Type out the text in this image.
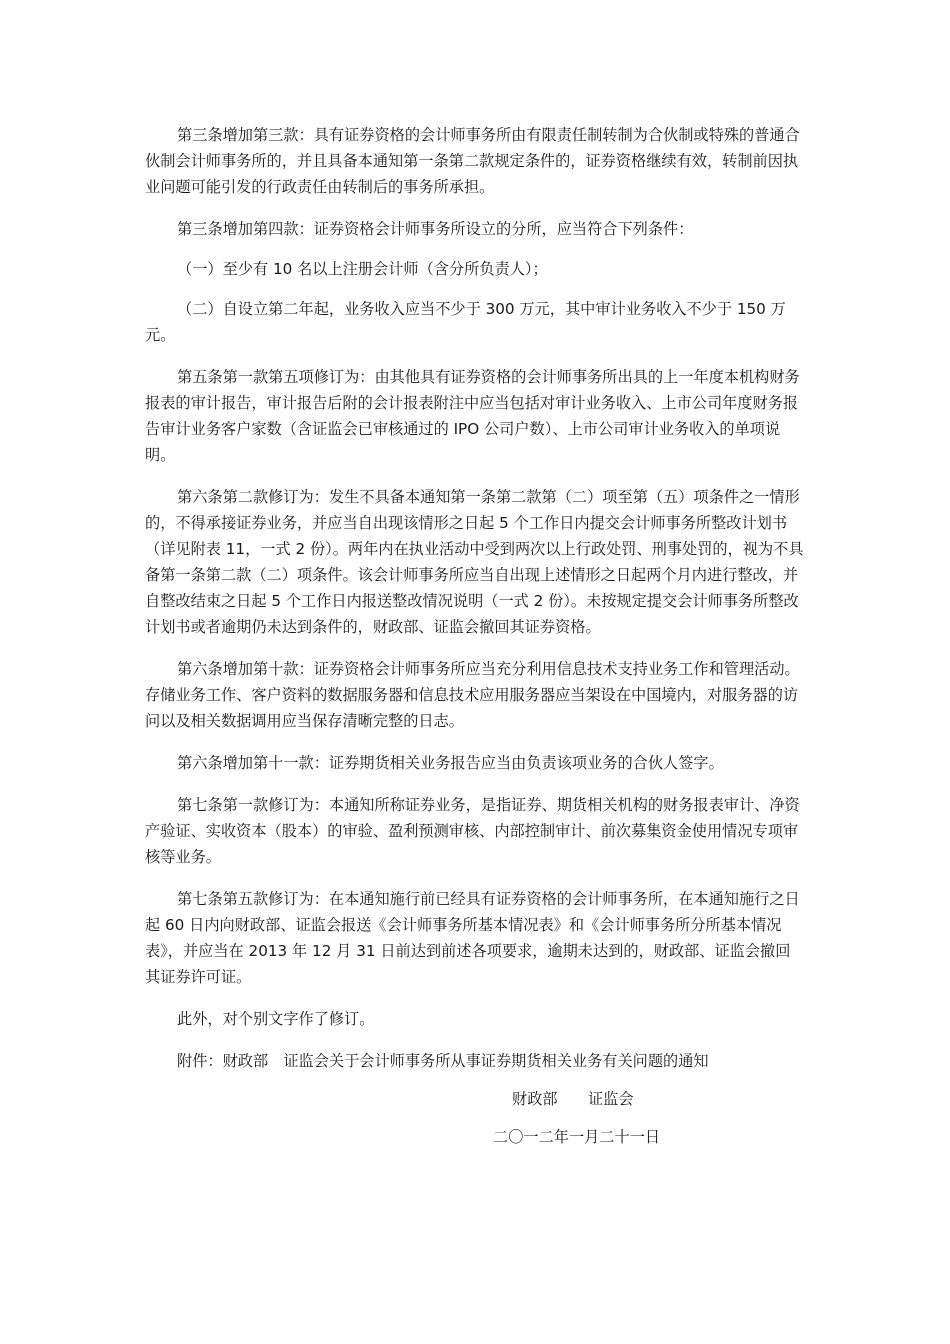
第三条增加第三款：具有证券资格的会计师事务所由有限责任制转制为合伙制或特殊的普通合伙制会计师事务所的，并且具备本通知第一条第二款规定条件的，证券资格继续有效，转制前因执业问题可能引发的行政责任由转制后的事务所承担。

第三条增加第四款：证券资格会计师事务所设立的分所，应当符合下列条件：

（一）至少有 10 名以上注册会计师（含分所负责人）；

（二）自设立第二年起，业务收入应当不少于 300 万元，其中审计业务收入不少于 150 万元。

第五条第一款第五项修订为：由其他具有证券资格的会计师事务所出具的上一年度本机构财务报表的审计报告，审计报告后附的会计报表附注中应当包括对审计业务收入、上市公司年度财务报告审计业务客户家数（含证监会已审核通过的 IPO 公司户数）、上市公司审计业务收入的单项说明。

第六条第二款修订为：发生不具备本通知第一条第二款第（二）项至第（五）项条件之一情形的，不得承接证券业务，并应当自出现该情形之日起 5 个工作日内提交会计师事务所整改计划书（详见附表 11，一式 2 份）。两年内在执业活动中受到两次以上行政处罚、刑事处罚的，视为不具备第一条第二款（二）项条件。该会计师事务所应当自出现上述情形之日起两个月内进行整改，并自整改结束之日起 5 个工作日内报送整改情况说明（一式 2 份）。未按规定提交会计师事务所整改计划书或者逾期仍未达到条件的，财政部、证监会撤回其证券资格。

第六条增加第十款：证券资格会计师事务所应当充分利用信息技术支持业务工作和管理活动。存储业务工作、客户资料的数据服务器和信息技术应用服务器应当架设在中国境内，对服务器的访问以及相关数据调用应当保存清晰完整的日志。

第六条增加第十一款：证券期货相关业务报告应当由负责该项业务的合伙人签字。

第七条第一款修订为：本通知所称证券业务，是指证券、期货相关机构的财务报表审计、净资产验证、实收资本（股本）的审验、盈利预测审核、内部控制审计、前次募集资金使用情况专项审核等业务。

第七条第五款修订为：在本通知施行前已经具有证券资格的会计师事务所，在本通知施行之日起 60 日内向财政部、证监会报送《会计师事务所基本情况表》和《会计师事务所分所基本情况表》，并应当在 2013 年 12 月 31 日前达到前述各项要求，逾期未达到的，财政部、证监会撤回其证券许可证。

此外，对个别文字作了修订。

附件：财政部　证监会关于会计师事务所从事证券期货相关业务有关问题的通知

财政部　　证监会
二〇一二年一月二十一日
